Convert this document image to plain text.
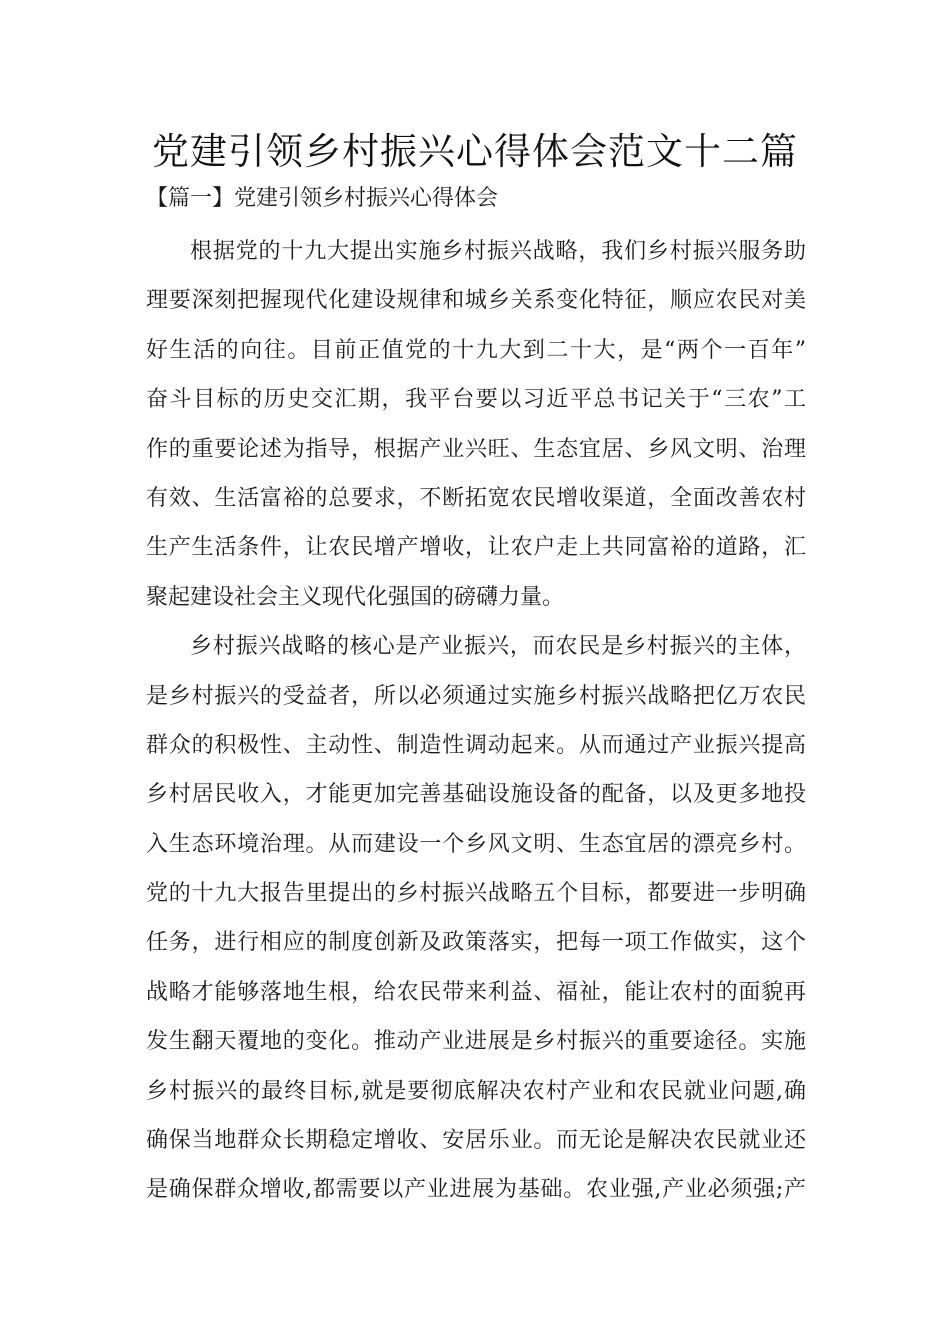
党建引领乡村振兴心得体会范文十二篇
【篇一】党建引领乡村振兴心得体会
根据党的十九大提出实施乡村振兴战略，我们乡村振兴服务助
理要深刻把握现代化建设规律和城乡关系变化特征，顺应农民对美
好生活的向往。目前正值党的十九大到二十大，是“两个一百年”
奋斗目标的历史交汇期，我平台要以习近平总书记关于“三农”工
作的重要论述为指导，根据产业兴旺、生态宜居、乡风文明、治理
有效、生活富裕的总要求，不断拓宽农民增收渠道，全面改善农村
生产生活条件，让农民增产增收，让农户走上共同富裕的道路，汇
聚起建设社会主义现代化强国的磅礴力量。
乡村振兴战略的核心是产业振兴，而农民是乡村振兴的主体，
是乡村振兴的受益者，所以必须通过实施乡村振兴战略把亿万农民
群众的积极性、主动性、制造性调动起来。从而通过产业振兴提高
乡村居民收入，才能更加完善基础设施设备的配备，以及更多地投
入生态环境治理。从而建设一个乡风文明、生态宜居的漂亮乡村。
党的十九大报告里提出的乡村振兴战略五个目标，都要进一步明确
任务，进行相应的制度创新及政策落实，把每一项工作做实，这个
战略才能够落地生根，给农民带来利益、福祉，能让农村的面貌再
发生翻天覆地的变化。推动产业进展是乡村振兴的重要途径。实施
乡村振兴的最终目标,就是要彻底解决农村产业和农民就业问题,确
确保当地群众长期稳定增收、安居乐业。而无论是解决农民就业还
是确保群众增收,都需要以产业进展为基础。农业强,产业必须强;产
